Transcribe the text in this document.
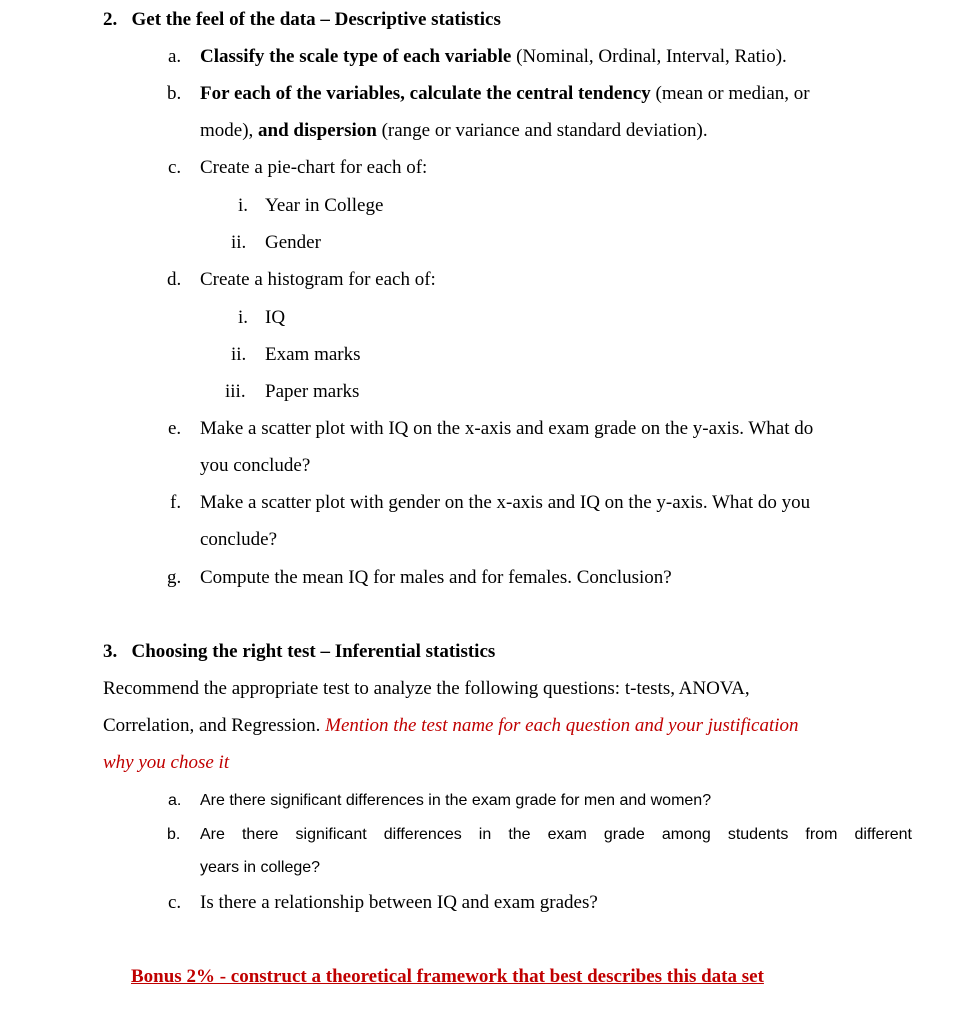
2.   Get the feel of the data – Descriptive statistics
a. Classify the scale type of each variable (Nominal, Ordinal, Interval, Ratio).
b. For each of the variables, calculate the central tendency (mean or median, or
mode), and dispersion (range or variance and standard deviation).
c. Create a pie-chart for each of:
i. Year in College
ii. Gender
d. Create a histogram for each of:
i. IQ
ii. Exam marks
iii. Paper marks
e. Make a scatter plot with IQ on the x-axis and exam grade on the y-axis. What do
you conclude?
f. Make a scatter plot with gender on the x-axis and IQ on the y-axis. What do you
conclude?
g. Compute the mean IQ for males and for females. Conclusion?
3.   Choosing the right test – Inferential statistics
Recommend the appropriate test to analyze the following questions: t-tests, ANOVA,
Correlation, and Regression. Mention the test name for each question and your justification
why you chose it
a. Are there significant differences in the exam grade for men and women?
b. Are there significant differences in the exam grade among students from different
years in college?
c. Is there a relationship between IQ and exam grades?
Bonus 2% - construct a theoretical framework that best describes this data set
